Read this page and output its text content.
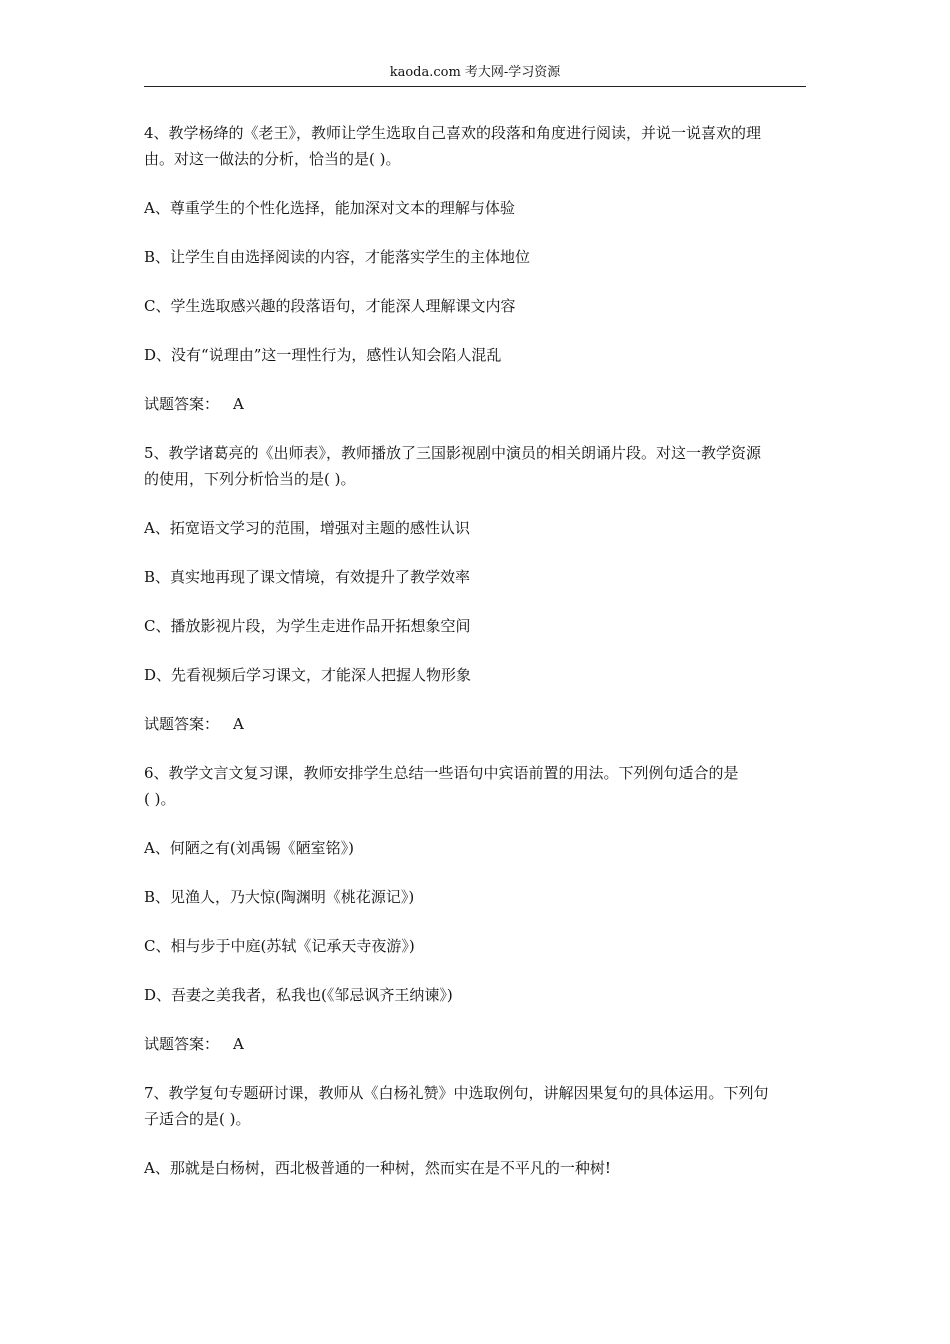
kaoda.com 考大网-学习资源
4、教学杨绛的《老王》，教师让学生选取自己喜欢的段落和角度进行阅读，并说一说喜欢的理
由。对这一做法的分析，恰当的是( )。
A、尊重学生的个性化选择，能加深对文本的理解与体验
B、让学生自由选择阅读的内容，才能落实学生的主体地位
C、学生选取感兴趣的段落语句，才能深人理解课文内容
D、没有“说理由”这一理性行为，感性认知会陷人混乱
试题答案： A
5、教学诸葛亮的《出师表》，教师播放了三国影视剧中演员的相关朗诵片段。对这一教学资源
的使用，下列分析恰当的是( )。
A、拓宽语文学习的范围，增强对主题的感性认识
B、真实地再现了课文情境，有效提升了教学效率
C、播放影视片段，为学生走进作品开拓想象空间
D、先看视频后学习课文，才能深人把握人物形象
试题答案： A
6、教学文言文复习课，教师安排学生总结一些语句中宾语前置的用法。下列例句适合的是
( )。
A、何陋之有(刘禹锡《陋室铭》)
B、见渔人，乃大惊(陶渊明《桃花源记》)
C、相与步于中庭(苏轼《记承天寺夜游》)
D、吾妻之美我者，私我也(《邹忌讽齐王纳谏》)
试题答案： A
7、教学复句专题研讨课，教师从《白杨礼赞》中选取例句，讲解因果复句的具体运用。下列句
子适合的是( )。
A、那就是白杨树，西北极普通的一种树，然而实在是不平凡的一种树!
